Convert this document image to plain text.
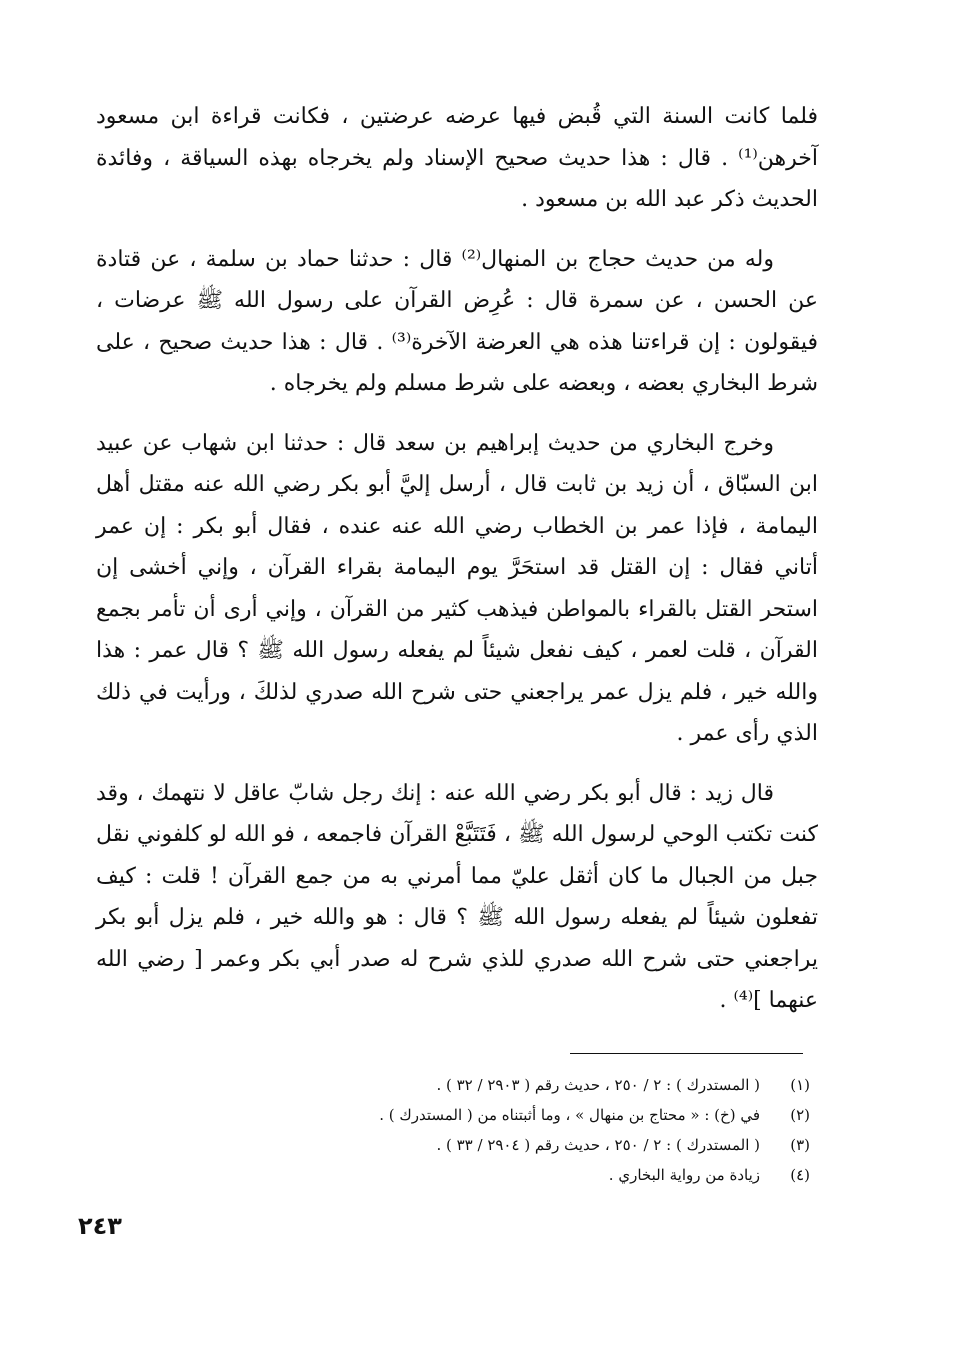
فلما كانت السنة التي قُبض فيها عرضه عرضتين ، فكانت قراءة ابن مسعود آخرهن⁽¹⁾ . قال : هذا حديث صحيح الإسناد ولم يخرجاه بهذه السياقة ، وفائدة الحديث ذكر عبد الله بن مسعود .

وله من حديث حجاج بن المنهال⁽²⁾ قال : حدثنا حماد بن سلمة ، عن قتادة عن الحسن ، عن سمرة قال : عُرِض القرآن على رسول الله ﷺ عرضات ، فيقولون : إن قراءتنا هذه هي العرضة الآخرة⁽³⁾ . قال : هذا حديث صحيح ، على شرط البخاري بعضه ، وبعضه على شرط مسلم ولم يخرجاه .

وخرج البخاري من حديث إبراهيم بن سعد قال : حدثنا ابن شهاب عن عبيد ابن السبّاق ، أن زيد بن ثابت قال ، أرسل إليَّ أبو بكر رضي الله عنه مقتل أهل اليمامة ، فإذا عمر بن الخطاب رضي الله عنه عنده ، فقال أبو بكر : إن عمر أتاني فقال : إن القتل قد استحَرَّ يوم اليمامة بقراء القرآن ، وإني أخشى إن استحر القتل بالقراء بالمواطن فيذهب كثير من القرآن ، وإني أرى أن تأمر بجمع القرآن ، قلت لعمر ، كيف نفعل شيئاً لم يفعله رسول الله ﷺ ؟ قال عمر : هذا والله خير ، فلم يزل عمر يراجعني حتى شرح الله صدري لذلكَ ، ورأيت في ذلك الذي رأى عمر .

قال زيد : قال أبو بكر رضي الله عنه : إنك رجل شابّ عاقل لا نتهمك ، وقد كنت تكتب الوحي لرسول الله ﷺ ، فَتَتَبَّعْ القرآن فاجمعه ، فو الله لو كلفوني نقل جبل من الجبال ما كان أثقل عليّ مما أمرني به من جمع القرآن ! قلت : كيف تفعلون شيئاً لم يفعله رسول الله ﷺ ؟ قال : هو والله خير ، فلم يزل أبو بكر يراجعني حتى شرح الله صدري للذي شرح له صدر أبي بكر وعمر [ رضي الله عنهما ]⁽⁴⁾ .

(١)
( المستدرك ) : ٢ / ٢٥٠ ، حديث رقم ( ٢٩٠٣ / ٣٢ ) .
(٢)
في (خ) : « محتاج بن منهال » ، وما أثبتناه من ( المستدرك ) .
(٣)
( المستدرك ) : ٢ / ٢٥٠ ، حديث رقم ( ٢٩٠٤ / ٣٣ ) .
(٤)
زيادة من رواية البخاري .
٢٤٣
